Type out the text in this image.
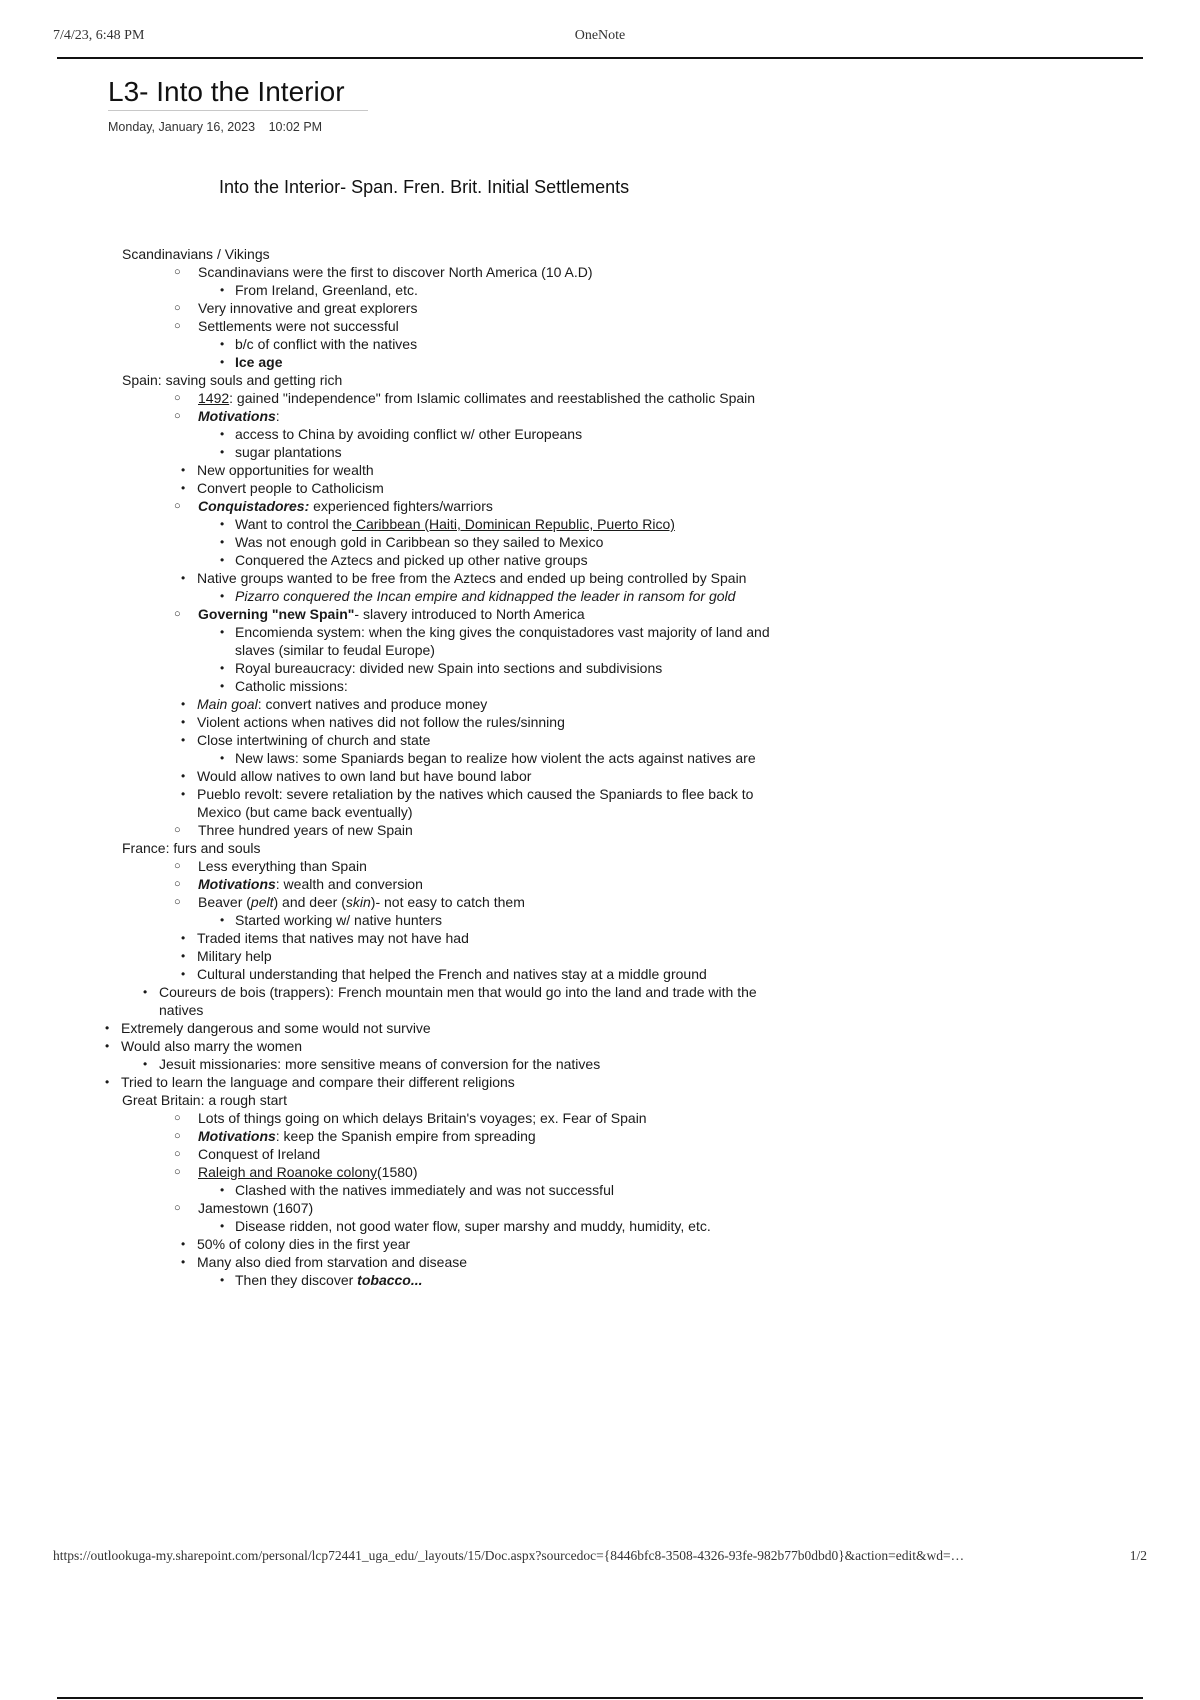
7/4/23, 6:48 PM	OneNote
L3- Into the Interior
Monday, January 16, 2023 10:02 PM
Into the Interior- Span. Fren. Brit. Initial Settlements

Scandinavians / Vikings

○ Scandinavians were the first to discover North America (10 A.D)
• From Ireland, Greenland, etc.
○ Very innovative and great explorers
○ Settlements were not successful
• b/c of conflict with the natives
• Ice age

Spain: saving souls and getting rich

○ 1492: gained "independence" from Islamic collimates and reestablished the catholic Spain
○ Motivations:
• access to China by avoiding conflict w/ other Europeans
• sugar plantations
• New opportunities for wealth
• Convert people to Catholicism
○ Conquistadores: experienced fighters/warriors
• Want to control the Caribbean (Haiti, Dominican Republic, Puerto Rico)
• Was not enough gold in Caribbean so they sailed to Mexico
• Conquered the Aztecs and picked up other native groups
• Native groups wanted to be free from the Aztecs and ended up being controlled by Spain
• Pizarro conquered the Incan empire and kidnapped the leader in ransom for gold
○ Governing "new Spain"- slavery introduced to North America
• Encomienda system: when the king gives the conquistadores vast majority of land and slaves (similar to feudal Europe)
• Royal bureaucracy: divided new Spain into sections and subdivisions
• Catholic missions:
• Main goal: convert natives and produce money
• Violent actions when natives did not follow the rules/sinning
• Close intertwining of church and state
• New laws: some Spaniards began to realize how violent the acts against natives are
• Would allow natives to own land but have bound labor
• Pueblo revolt: severe retaliation by the natives which caused the Spaniards to flee back to Mexico (but came back eventually)
○ Three hundred years of new Spain

France: furs and souls

○ Less everything than Spain
○ Motivations: wealth and conversion
○ Beaver (pelt) and deer (skin)- not easy to catch them
• Started working w/ native hunters
• Traded items that natives may not have had
• Military help
• Cultural understanding that helped the French and natives stay at a middle ground
• Coureurs de bois (trappers): French mountain men that would go into the land and trade with the natives
• Extremely dangerous and some would not survive
• Would also marry the women
• Jesuit missionaries: more sensitive means of conversion for the natives
• Tried to learn the language and compare their different religions

Great Britain: a rough start

○ Lots of things going on which delays Britain's voyages; ex. Fear of Spain
○ Motivations: keep the Spanish empire from spreading
○ Conquest of Ireland
○ Raleigh and Roanoke colony(1580)
• Clashed with the natives immediately and was not successful
○ Jamestown (1607)
• Disease ridden, not good water flow, super marshy and muddy, humidity, etc.
• 50% of colony dies in the first year
• Many also died from starvation and disease
• Then they discover tobacco...
https://outlookuga-my.sharepoint.com/personal/lcp72441_uga_edu/_layouts/15/Doc.aspx?sourcedoc={8446bfc8-3508-4326-93fe-982b77b0dbd0}&action=edit&wd=…	1/2
